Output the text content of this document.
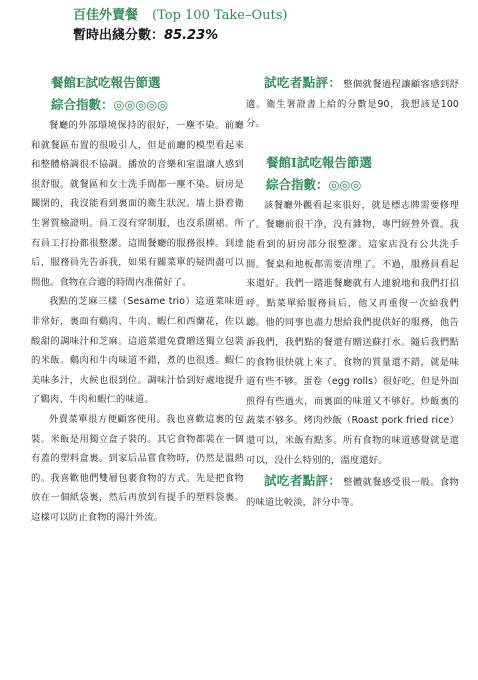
百佳外賣餐 (Top 100 Take–Outs)
暫時出綫分數：85.23%
餐館E試吃報告節選
綜合指數：◎◎◎◎◎

餐廳的外部環境保持的很好，一塵不染。前廳和就餐區布置的很吸引人，但是前廳的模型看起來和整體格調很不協調。播放的音樂和室溫讓人感到很舒服。就餐區和女士洗手間都一塵不染。厨房是關閉的，我沒能看到裏面的衛生狀況。墻上掛着衛生署質檢證明。員工沒有穿制服，也沒系圍裙。所有員工打扮都很整潔。這間餐廳的服務很棒。到達后，服務員先告訴我，如果有關菜單的疑問盡可以問他。食物在合適的時間内准備好了。

我點的芝麻三樣（Sesame trio）這道菜味道非常好，裏面有鷄肉、牛肉、蝦仁和西蘭花，佐以酸甜的調味汁和芝麻。這道菜還免費贈送獨立包裝的米飯。鷄肉和牛肉味道不錯，煮的也很透。蝦仁美味多汁，火候也很到位。調味汁恰到好處地提升了鷄肉、牛肉和蝦仁的味道。

外賣菜單很方便顧客使用。我也喜歡這裏的包裝。米飯是用獨立盒子裝的。其它食物都裝在一個有蓋的塑料盒裏。到家后品嘗食物時，仍然是溫熱的。我喜歡他們雙層包裹食物的方式。先是把食物放在一個紙袋裏，然后再放到有提手的塑料袋裏。這樣可以防止食物的湯汁外流。

試吃者點評： 整個就餐過程讓顧客感到舒適。衛生署證書上給的分數是90，我想該是100分。

餐館I試吃報告節選
綜合指數：◎◎◎

該餐廳外觀看起來很好，就是標志牌需要修理了。餐廳前很干净，没有雜物，專門經營外賣。我能看到的厨房部分很整潔。這家店没有公共洗手間。餐桌和地板都需要清理了。不過，服務員看起來還好。我們一踏進餐廳就有人連貌地和我們打招呼。點菜單給服務員后，他又再重復一次給我們聽。他的同事也盡力想給我們提供好的服務，他告訴我們，我們點的餐還有贈送蘇打水。隨后我們點的食物很快就上來了。食物的質量還不錯，就是味道有些不够。蛋卷（egg rolls）很好吃，但是外面煎得有些過火，而裏面的味道又不够好。炒飯裏的蔬菜不够多。烤肉炒飯（Roast pork fried rice）還可以，米飯有點多。所有食物的味道感覺就是還可以，没什么特别的，溫度還好。

試吃者點評： 整體就餐感受很一般。食物的味道比較淡，評分中等。
